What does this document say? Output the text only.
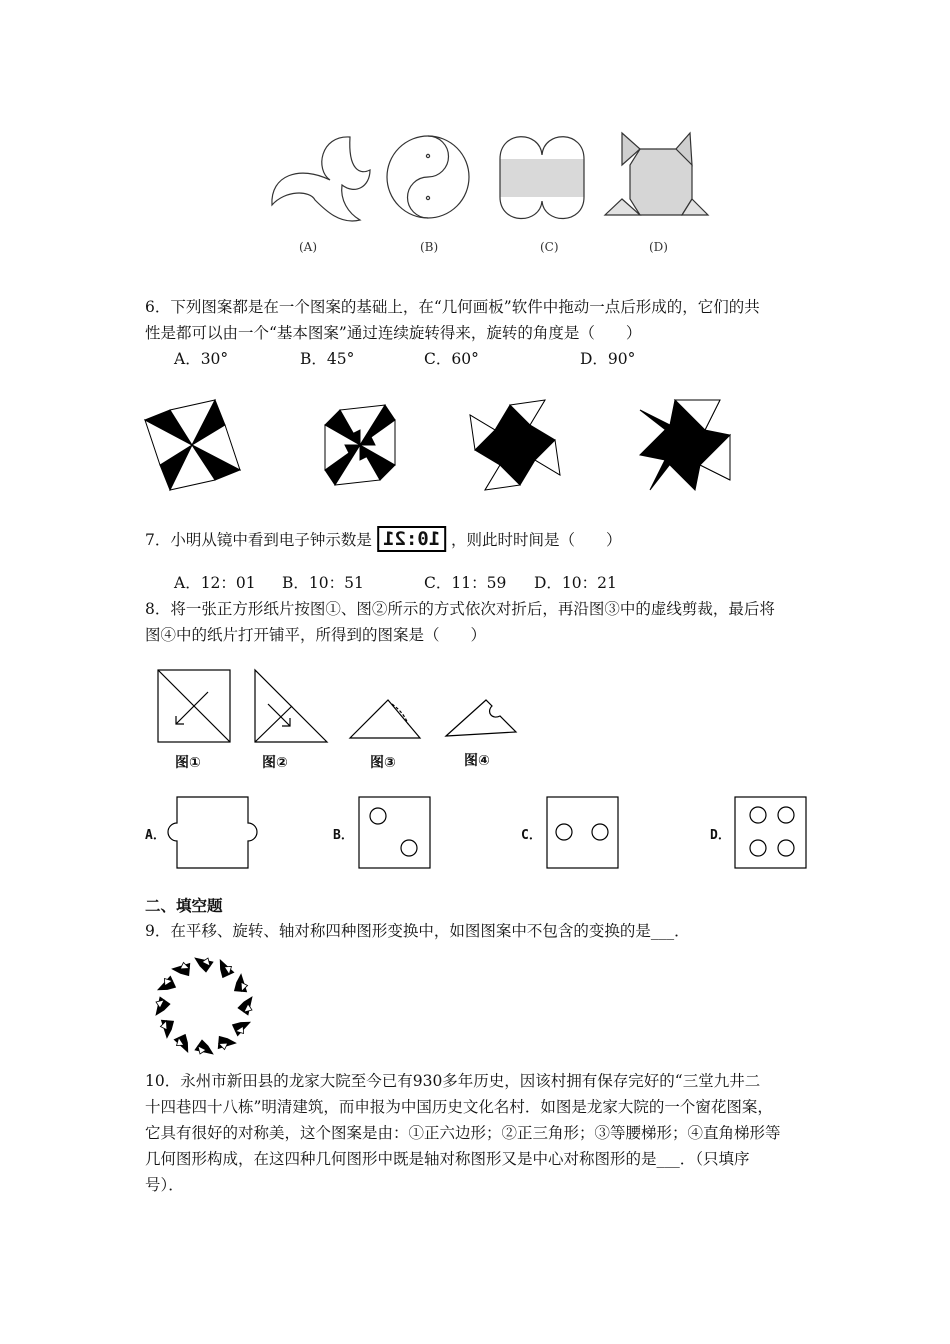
(A)	(B)	(C)	(D)
6．下列图案都是在一个图案的基础上，在“几何画板”软件中拖动一点后形成的，它们的共
性是都可以由一个“基本图案”通过连续旋转得来，旋转的角度是（　　）
A．30°	B．45°	C．60°	D．90°
7．小明从镜中看到电子钟示数是 10:21 ，则此时时间是（　　）
A．12：01 B．10：51	C．11：59 D．10：21
8．将一张正方形纸片按图①、图②所示的方式依次对折后，再沿图③中的虚线剪裁，最后将
图④中的纸片打开铺平，所得到的图案是（　　）
图①	图②	图③	图④
A．	B．	C．	D．
二、填空题
9．在平移、旋转、轴对称四种图形变换中，如图图案中不包含的变换的是___．
10．永州市新田县的龙家大院至今已有930多年历史，因该村拥有保存完好的“三堂九井二
十四巷四十八栋”明清建筑，而申报为中国历史文化名村．如图是龙家大院的一个窗花图案，
它具有很好的对称美，这个图案是由：①正六边形；②正三角形；③等腰梯形；④直角梯形等
几何图形构成，在这四种几何图形中既是轴对称图形又是中心对称图形的是___．（只填序
号）．
